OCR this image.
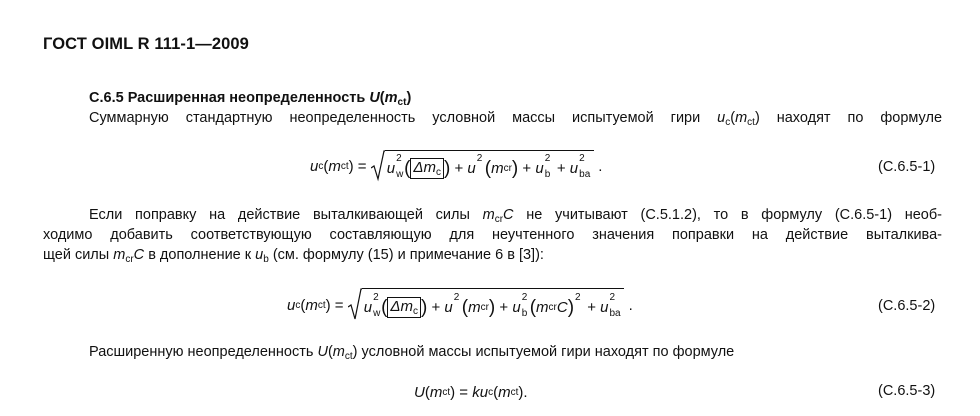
ГОСТ OIML R 111-1—2009
C.6.5 Расширенная неопределенность $U(m_{ct})$
Суммарную стандартную неопределенность условной массы испытуемой гири $u_c(m_{ct})$ находят по формуле
u c ( m ct ) = u
2
w ( $\Delta m_c$ ) + u
2 ( m cr ) + u
2
b + u
2
ba .	(C.6.5-1)
Если поправку на действие выталкивающей силы $m_{cr}C$ не учитывают (С.5.1.2), то в формулу (С.6.5-1) необ-
ходимо добавить соответствующую составляющую для неучтенного значения поправки на действие выталкива-
щей силы $m_{cr}C$ в дополнение к $u_b$ (см. формулу (15) и примечание 6 в [3]):
u c ( m ct ) = u
2
w ( $\Delta m_c$ ) + u
2 ( m cr ) + u
2
b ( m cr C ) 2
+ u
2
ba .	(C.6.5-2)
Расширенную неопределенность $U(m_{ct})$ условной массы испытуемой гири находят по формуле
U ( m ct ) = k u c ( m ct ).	(C.6.5-3)
